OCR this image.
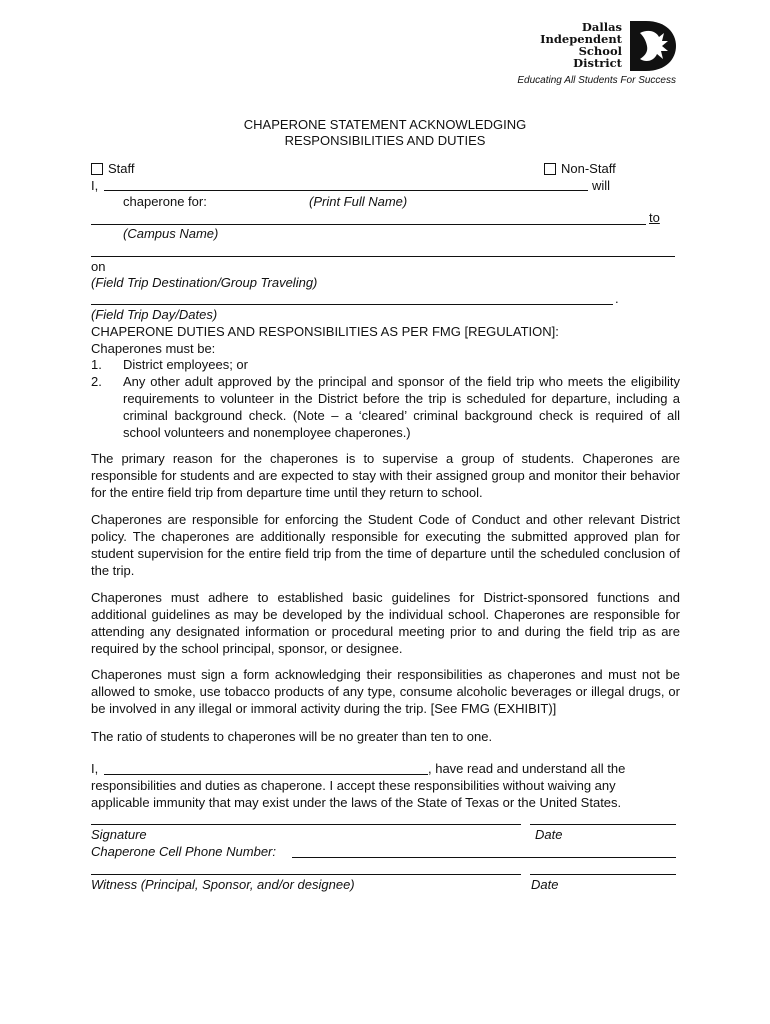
Dallas
Independent
School
District
Educating All Students For Success
CHAPERONE STATEMENT ACKNOWLEDGING
RESPONSIBILITIES AND DUTIES
Staff	Non-Staff
I,	will
chaperone for:	(Print Full Name)
to
(Campus Name)
on
(Field Trip Destination/Group Traveling)
.
(Field Trip Day/Dates)
CHAPERONE DUTIES AND RESPONSIBILITIES AS PER FMG [REGULATION]:
Chaperones must be:
1. District employees; or
2. Any other adult approved by the principal and sponsor of the field trip who meets the eligibility requirements to volunteer in the District before the trip is scheduled for departure, including a criminal background check. (Note – a ‘cleared’ criminal background check is required of all school volunteers and nonemployee chaperones.)
The primary reason for the chaperones is to supervise a group of students. Chaperones are responsible for students and are expected to stay with their assigned group and monitor their behavior for the entire field trip from departure time until they return to school.
Chaperones are responsible for enforcing the Student Code of Conduct and other relevant District policy. The chaperones are additionally responsible for executing the submitted approved plan for student supervision for the entire field trip from the time of departure until the scheduled conclusion of the trip.
Chaperones must adhere to established basic guidelines for District-sponsored functions and additional guidelines as may be developed by the individual school. Chaperones are responsible for attending any designated information or procedural meeting prior to and during the field trip as are required by the school principal, sponsor, or designee.
Chaperones must sign a form acknowledging their responsibilities as chaperones and must not be allowed to smoke, use tobacco products of any type, consume alcoholic beverages or illegal drugs, or be involved in any illegal or immoral activity during the trip. [See FMG (EXHIBIT)]
The ratio of students to chaperones will be no greater than ten to one.
I,	, have read and understand all the
responsibilities and duties as chaperone. I accept these responsibilities without waiving any
applicable immunity that may exist under the laws of the State of Texas or the United States.
Signature	Date
Chaperone Cell Phone Number:
Witness (Principal, Sponsor, and/or designee)	Date
